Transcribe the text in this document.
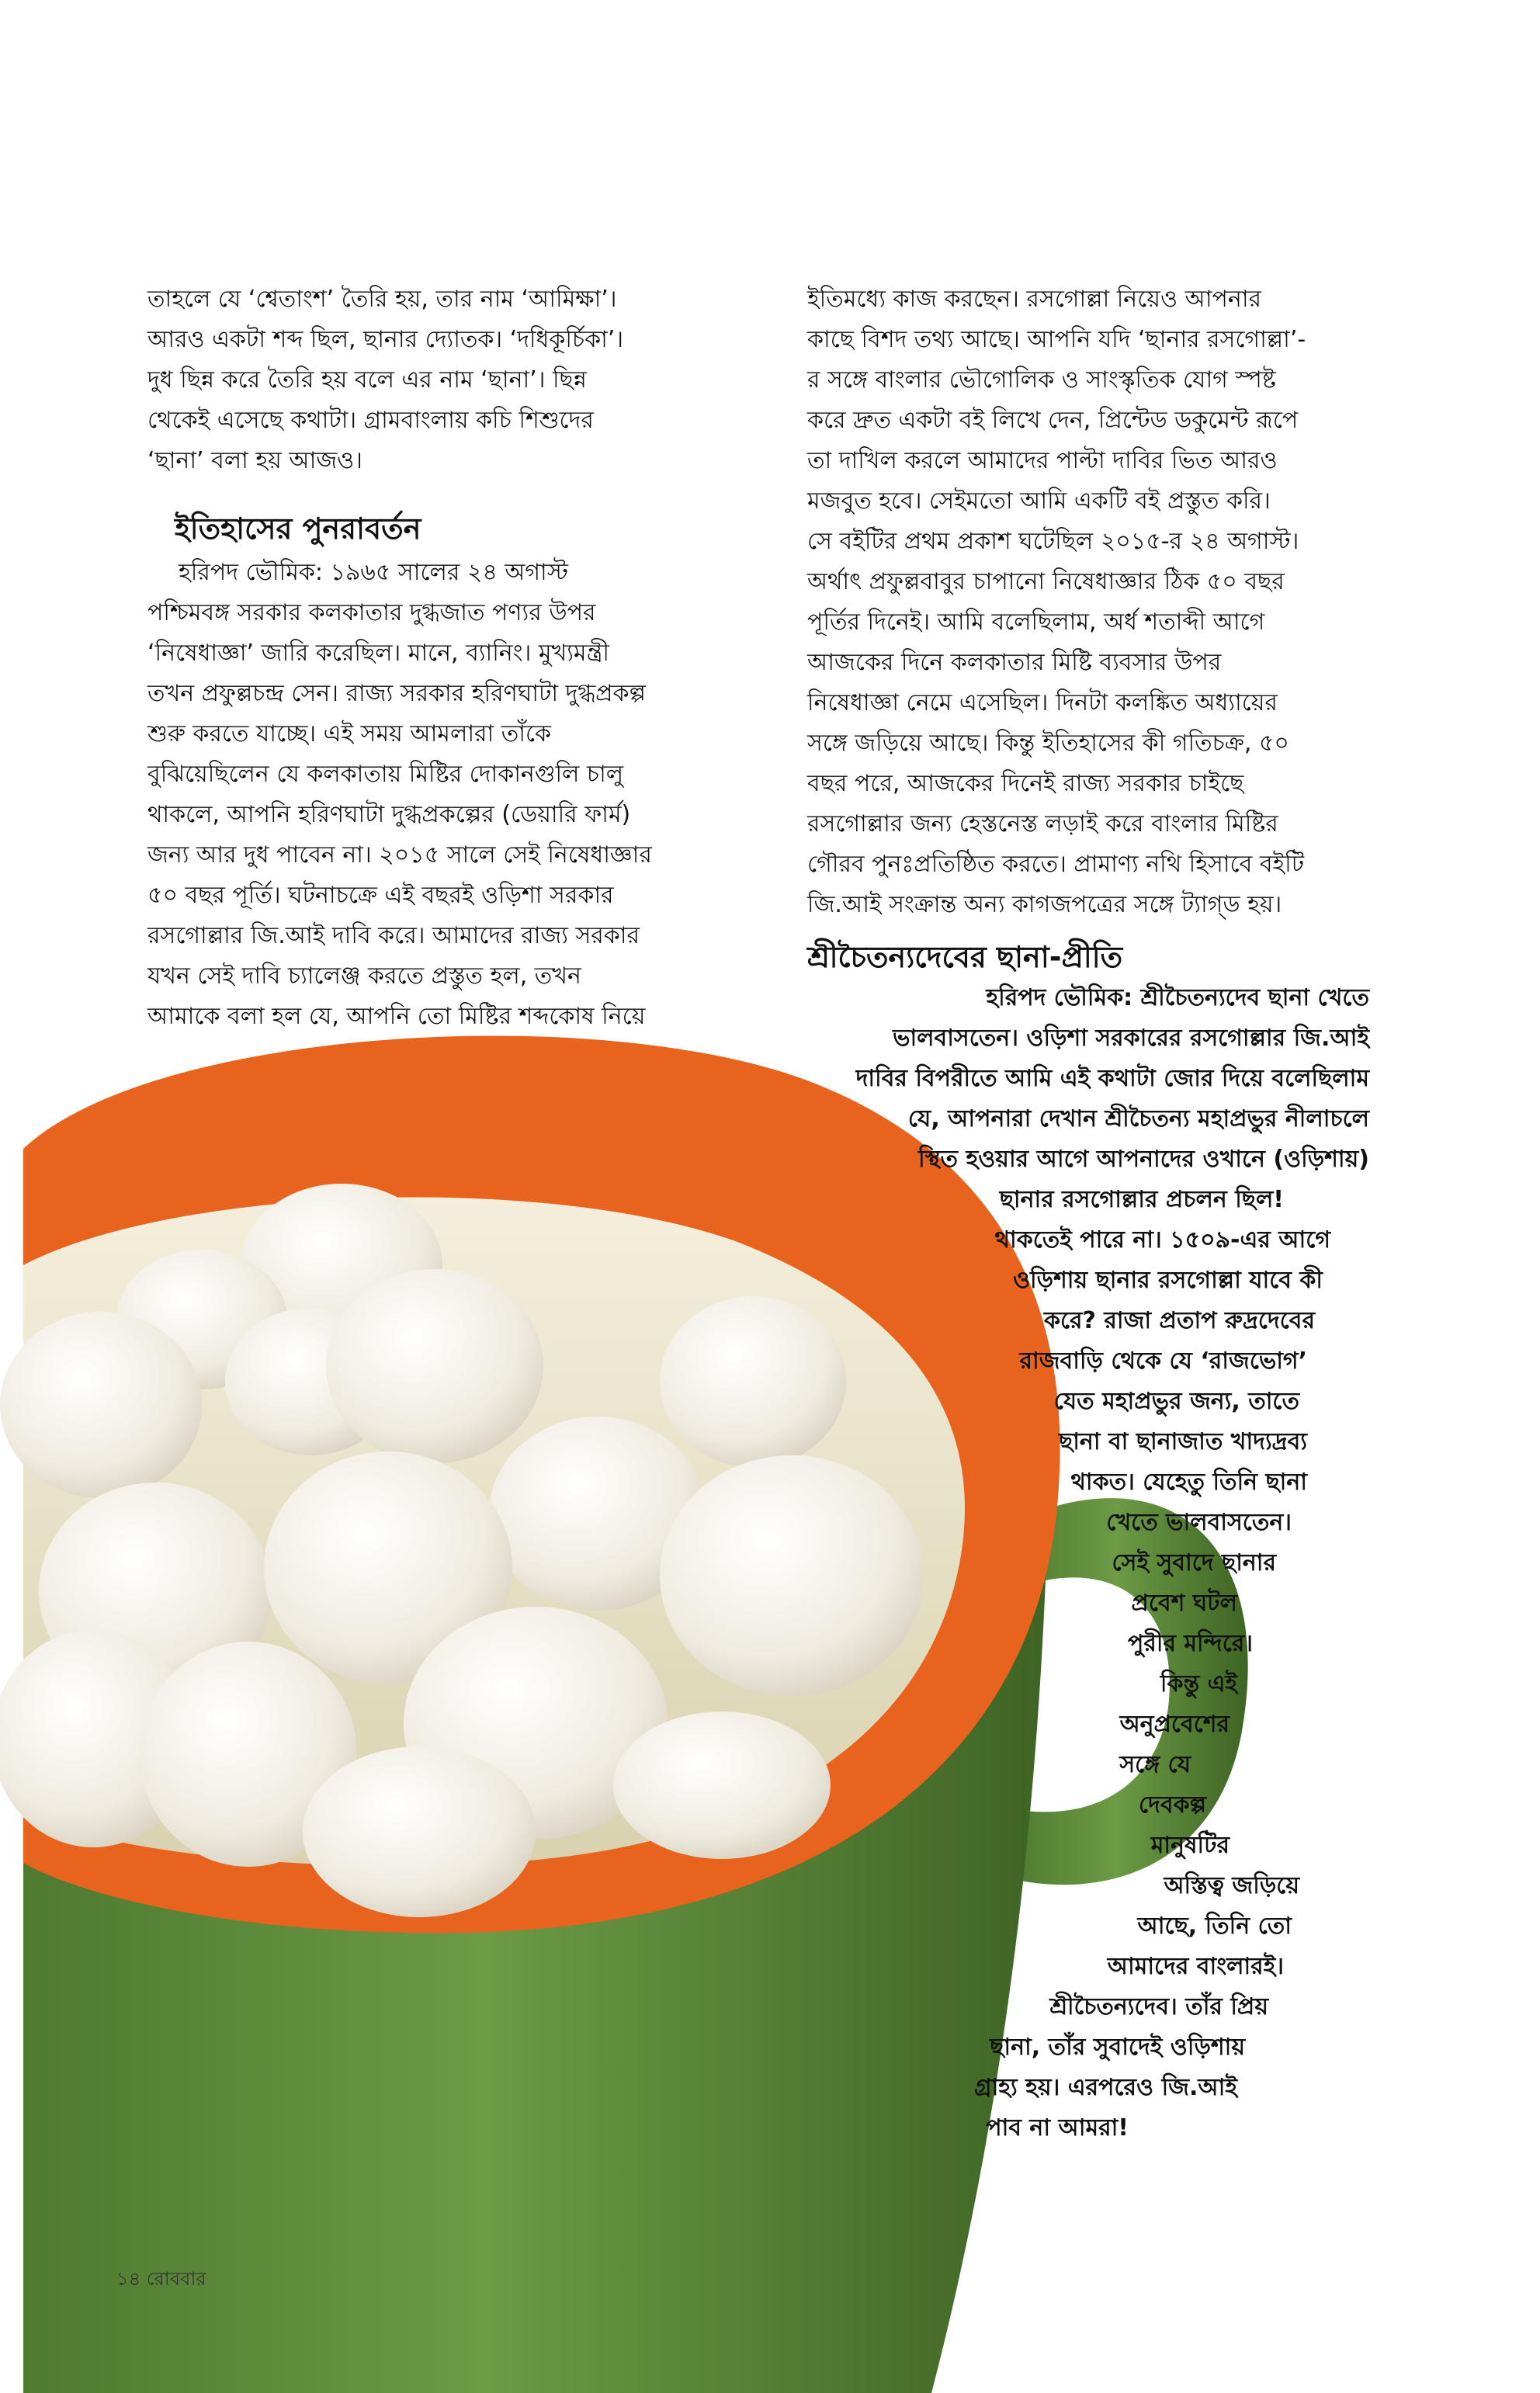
তাহলে যে ‘শ্বেতাংশ’ তৈরি হয়, তার নাম ‘আমিক্ষা’।

আরও একটা শব্দ ছিল, ছানার দ্যোতক। ‘দধিকূর্চিকা’।

দুধ ছিন্ন করে তৈরি হয় বলে এর নাম ‘ছানা’। ছিন্ন

থেকেই এসেছে কথাটা। গ্রামবাংলায় কচি শিশুদের

‘ছানা’ বলা হয় আজও।

ইতিহাসের পুনরাবর্তন

হরিপদ ভৌমিক: ১৯৬৫ সালের ২৪ অগাস্ট

পশ্চিমবঙ্গ সরকার কলকাতার দুগ্ধজাত পণ্যর উপর

‘নিষেধাজ্ঞা’ জারি করেছিল। মানে, ব্যানিং। মুখ্যমন্ত্রী

তখন প্রফুল্লচন্দ্র সেন। রাজ্য সরকার হরিণঘাটা দুগ্ধপ্রকল্প

শুরু করতে যাচ্ছে। এই সময় আমলারা তাঁকে

বুঝিয়েছিলেন যে কলকাতায় মিষ্টির দোকানগুলি চালু

থাকলে, আপনি হরিণঘাটা দুগ্ধপ্রকল্পের (ডেয়ারি ফার্ম)

জন্য আর দুধ পাবেন না। ২০১৫ সালে সেই নিষেধাজ্ঞার

৫০ বছর পূর্তি। ঘটনাচক্রে এই বছরই ওড়িশা সরকার

রসগোল্লার জি.আই দাবি করে। আমাদের রাজ্য সরকার

যখন সেই দাবি চ্যালেঞ্জ করতে প্রস্তুত হল, তখন

আমাকে বলা হল যে, আপনি তো মিষ্টির শব্দকোষ নিয়ে

ইতিমধ্যে কাজ করছেন। রসগোল্লা নিয়েও আপনার

কাছে বিশদ তথ্য আছে। আপনি যদি ‘ছানার রসগোল্লা’-

র সঙ্গে বাংলার ভৌগোলিক ও সাংস্কৃতিক যোগ স্পষ্ট

করে দ্রুত একটা বই লিখে দেন, প্রিন্টেড ডকুমেন্ট রূপে

তা দাখিল করলে আমাদের পাল্টা দাবির ভিত আরও

মজবুত হবে। সেইমতো আমি একটি বই প্রস্তুত করি।

সে বইটির প্রথম প্রকাশ ঘটেছিল ২০১৫-র ২৪ অগাস্ট।

অর্থাৎ প্রফুল্লবাবুর চাপানো নিষেধাজ্ঞার ঠিক ৫০ বছর

পূর্তির দিনেই। আমি বলেছিলাম, অর্ধ শতাব্দী আগে

আজকের দিনে কলকাতার মিষ্টি ব্যবসার উপর

নিষেধাজ্ঞা নেমে এসেছিল। দিনটা কলঙ্কিত অধ্যায়ের

সঙ্গে জড়িয়ে আছে। কিন্তু ইতিহাসের কী গতিচক্র, ৫০

বছর পরে, আজকের দিনেই রাজ্য সরকার চাইছে

রসগোল্লার জন্য হেস্তনেস্ত লড়াই করে বাংলার মিষ্টির

গৌরব পুনঃপ্রতিষ্ঠিত করতে। প্রামাণ্য নথি হিসাবে বইটি

জি.আই সংক্রান্ত অন্য কাগজপত্রের সঙ্গে ট্যাগ্‌ড হয়।

শ্রীচৈতন্যদেবের ছানা-প্রীতি

হরিপদ ভৌমিক: শ্রীচৈতন্যদেব ছানা খেতে

ভালবাসতেন। ওড়িশা সরকারের রসগোল্লার জি.আই

দাবির বিপরীতে আমি এই কথাটা জোর দিয়ে বলেছিলাম

যে, আপনারা দেখান শ্রীচৈতন্য মহাপ্রভুর নীলাচলে

স্থিত হওয়ার আগে আপনাদের ওখানে (ওড়িশায়)

ছানার রসগোল্লার প্রচলন ছিল!

থাকতেই পারে না। ১৫০৯-এর আগে

ওড়িশায় ছানার রসগোল্লা যাবে কী

করে? রাজা প্রতাপ রুদ্রদেবের

রাজবাড়ি থেকে যে ‘রাজভোগ’

যেত মহাপ্রভুর জন্য, তাতে

ছানা বা ছানাজাত খাদ্যদ্রব্য

থাকত। যেহেতু তিনি ছানা

খেতে ভালবাসতেন।

সেই সুবাদে ছানার

প্রবেশ ঘটল

পুরীর মন্দিরে।

কিন্তু এই

অনুপ্রবেশের

সঙ্গে যে

দেবকল্প

মানুষটির

অস্তিত্ব জড়িয়ে

আছে, তিনি তো

আমাদের বাংলারই।

শ্রীচৈতন্যদেব। তাঁর প্রিয়

ছানা, তাঁর সুবাদেই ওড়িশায়

গ্রাহ্য হয়। এরপরেও জি.আই

পাব না আমরা!

১৪ রোববার
